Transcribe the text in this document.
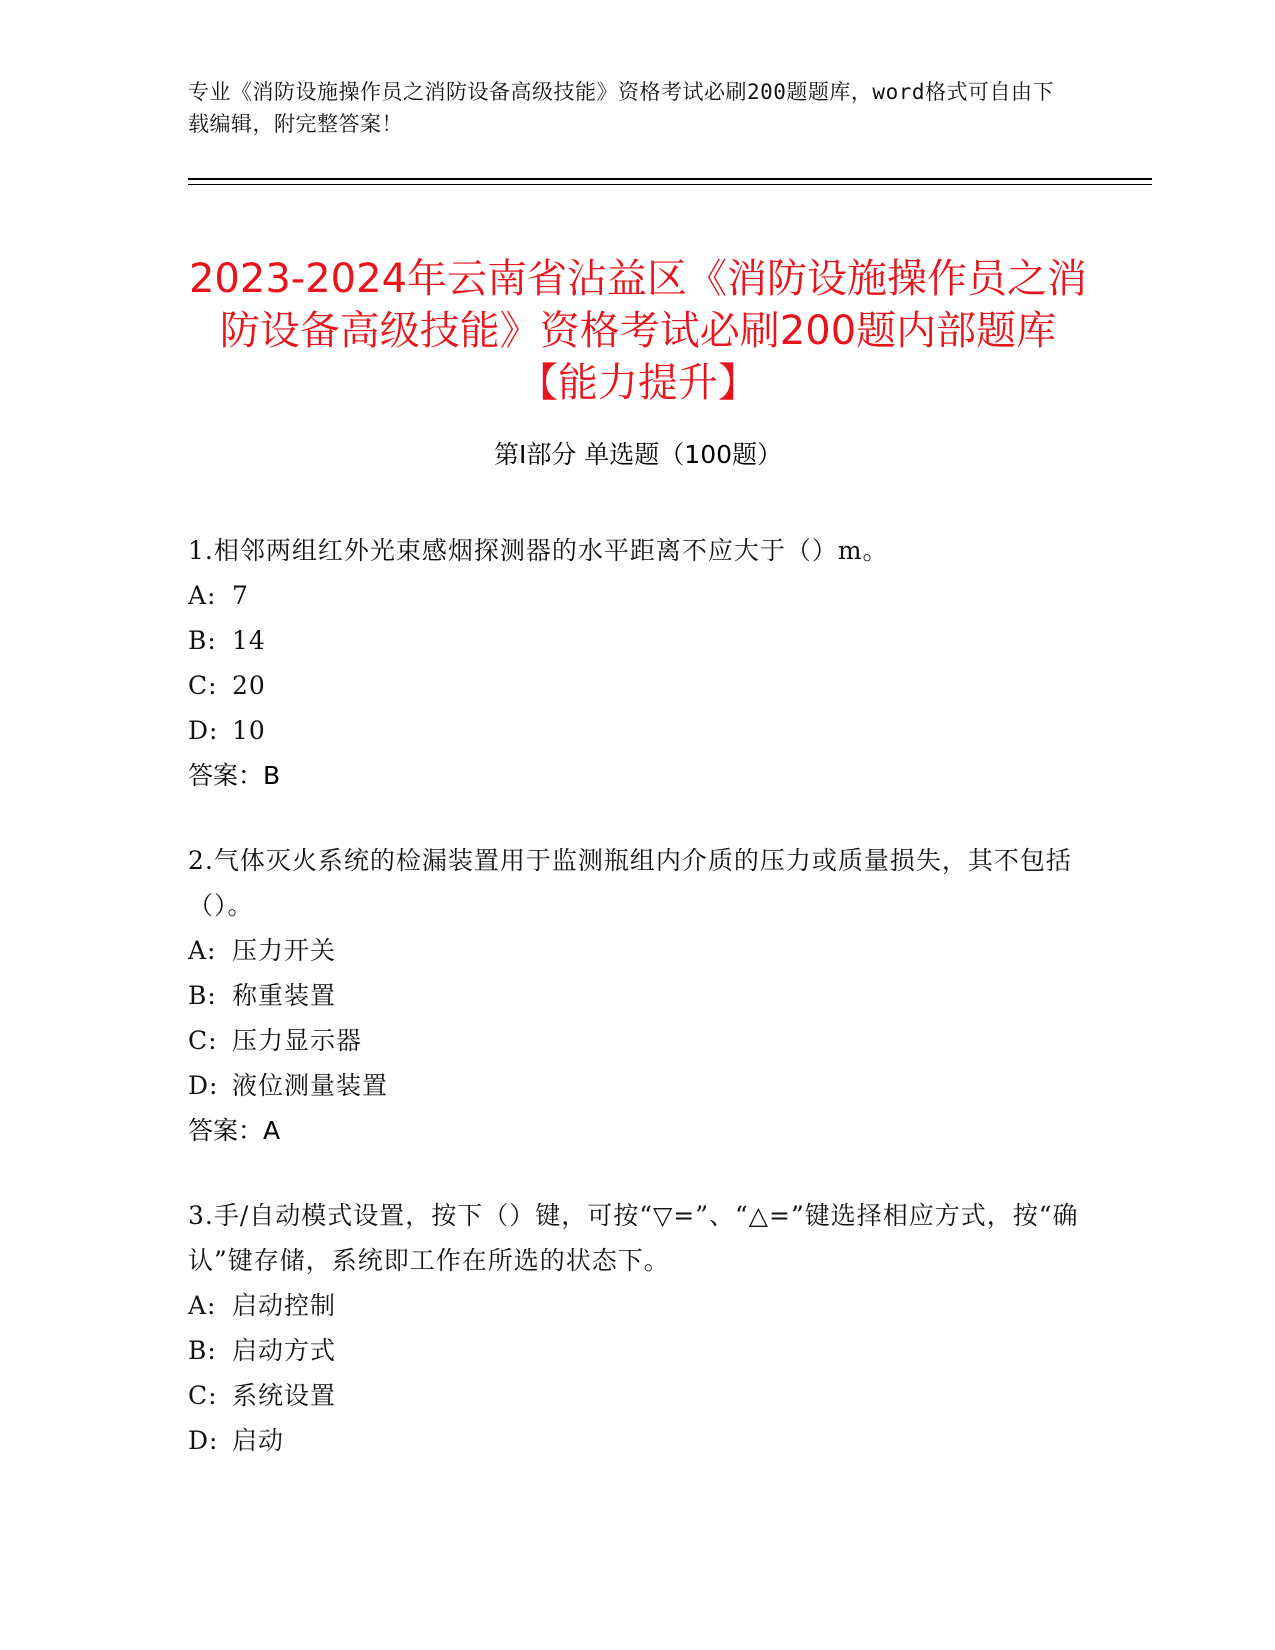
专业《消防设施操作员之消防设备高级技能》资格考试必刷200题题库，word格式可自由下载编辑，附完整答案！
2023-2024年云南省沾益区《消防设施操作员之消防设备高级技能》资格考试必刷200题内部题库【能力提升】
第Ⅰ部分 单选题（100题）

1.相邻两组红外光束感烟探测器的水平距离不应大于（）m。

A: 7

B: 14

C: 20

D: 10

答案：B

2.气体灭火系统的检漏装置用于监测瓶组内介质的压力或质量损失，其不包括（）。

A: 压力开关

B: 称重装置

C: 压力显示器

D: 液位测量装置

答案：A

3.手/自动模式设置，按下（）键，可按“▽=”、“△=”键选择相应方式，按“确认”键存储，系统即工作在所选的状态下。

A: 启动控制

B: 启动方式

C: 系统设置

D: 启动
